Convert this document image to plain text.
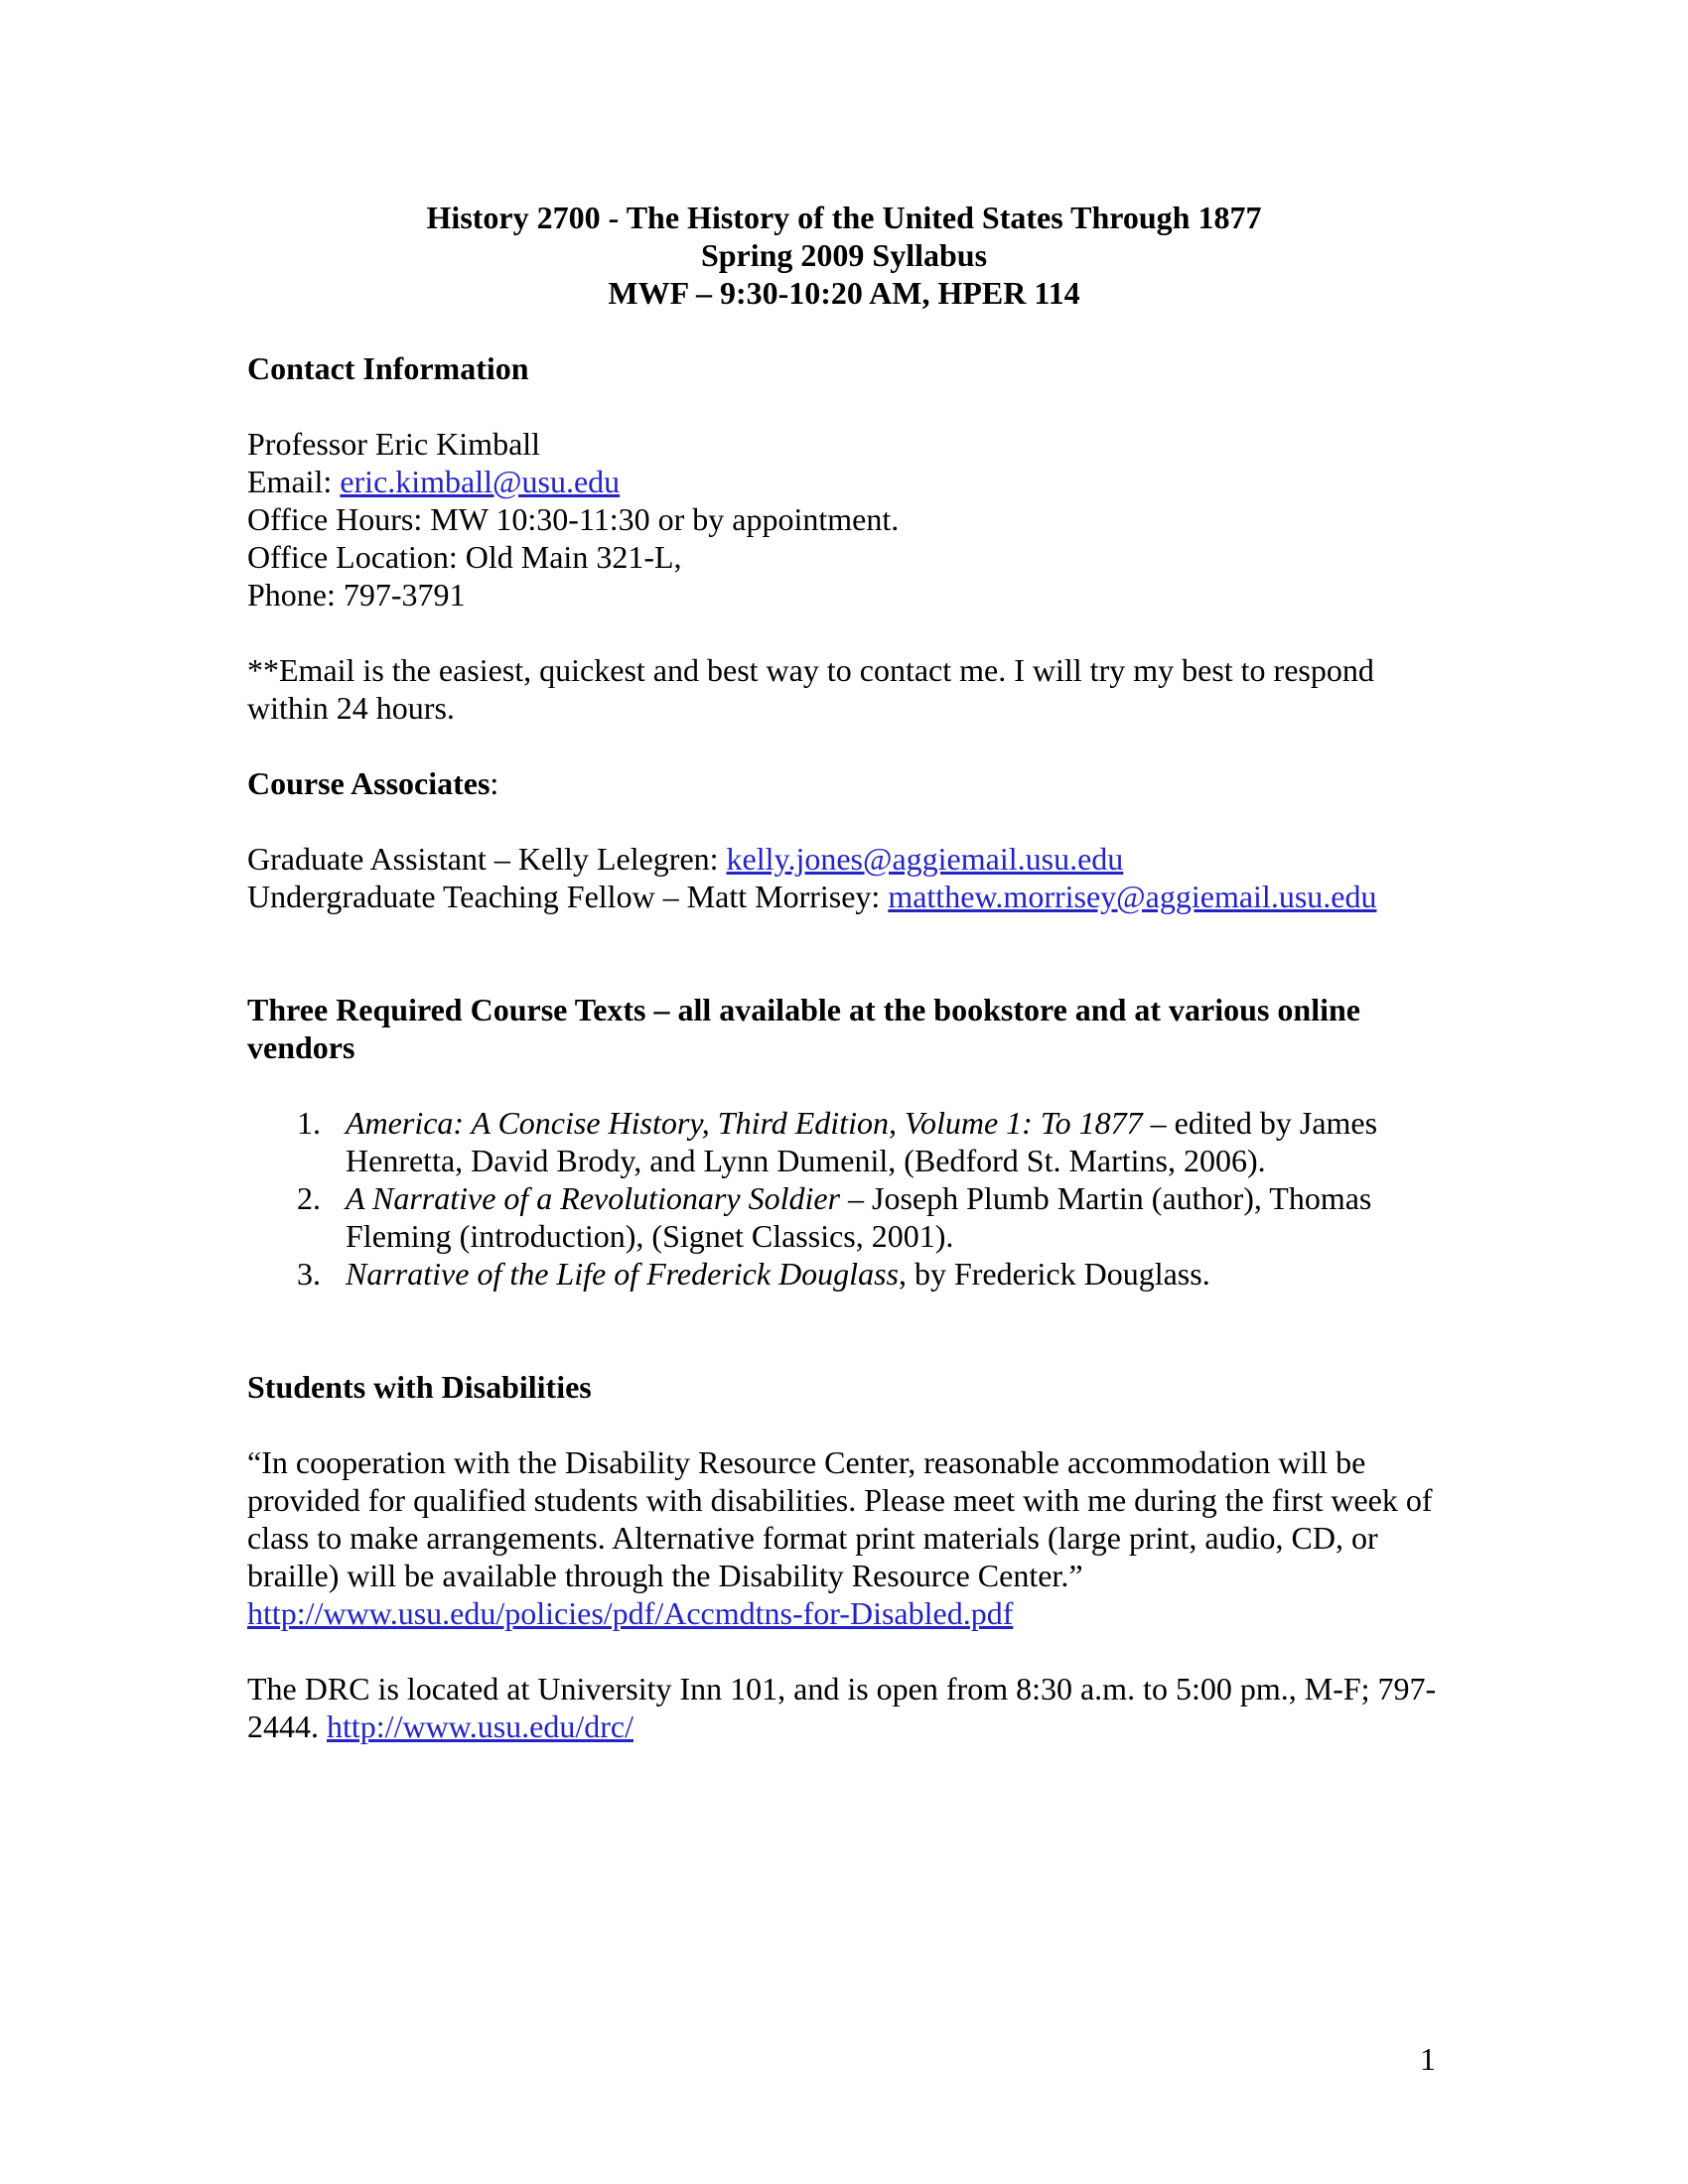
History 2700 - The History of the United States Through 1877
Spring 2009 Syllabus
MWF – 9:30-10:20 AM, HPER 114

Contact Information

Professor Eric Kimball

Email: eric.kimball@usu.edu

Office Hours: MW 10:30-11:30 or by appointment.

Office Location: Old Main 321-L,

Phone: 797-3791

**Email is the easiest, quickest and best way to contact me. I will try my best to respond within 24 hours.

Course Associates:

Graduate Assistant – Kelly Lelegren: kelly.jones@aggiemail.usu.edu

Undergraduate Teaching Fellow – Matt Morrisey: matthew.morrisey@aggiemail.usu.edu

Three Required Course Texts – all available at the bookstore and at various online vendors

1. America: A Concise History, Third Edition, Volume 1: To 1877 – edited by James Henretta, David Brody, and Lynn Dumenil, (Bedford St. Martins, 2006).
2. A Narrative of a Revolutionary Soldier – Joseph Plumb Martin (author), Thomas Fleming (introduction), (Signet Classics, 2001).
3. Narrative of the Life of Frederick Douglass, by Frederick Douglass.

Students with Disabilities

“In cooperation with the Disability Resource Center, reasonable accommodation will be provided for qualified students with disabilities. Please meet with me during the first week of class to make arrangements. Alternative format print materials (large print, audio, CD, or braille) will be available through the Disability Resource Center.”

http://www.usu.edu/policies/pdf/Accmdtns-for-Disabled.pdf

The DRC is located at University Inn 101, and is open from 8:30 a.m. to 5:00 pm., M-F; 797-2444. http://www.usu.edu/drc/

1
